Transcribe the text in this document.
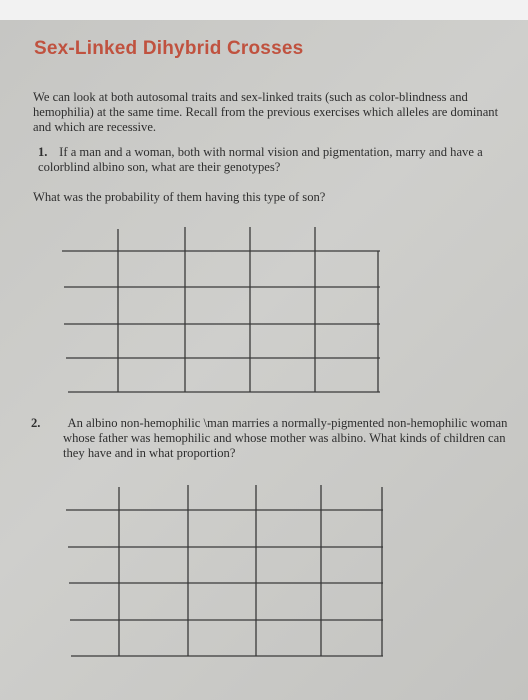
Sex-Linked Dihybrid Crosses
We can look at both autosomal traits and sex-linked traits (such as color-blindness and hemophilia) at the same time. Recall from the previous exercises which alleles are dominant and which are recessive.
1. If a man and a woman, both with normal vision and pigmentation, marry and have a colorblind albino son, what are their genotypes?
What was the probability of them having this type of son?
2. An albino non-hemophilic \man marries a normally-pigmented non-hemophilic woman whose father was hemophilic and whose mother was albino. What kinds of children can they have and in what proportion?
